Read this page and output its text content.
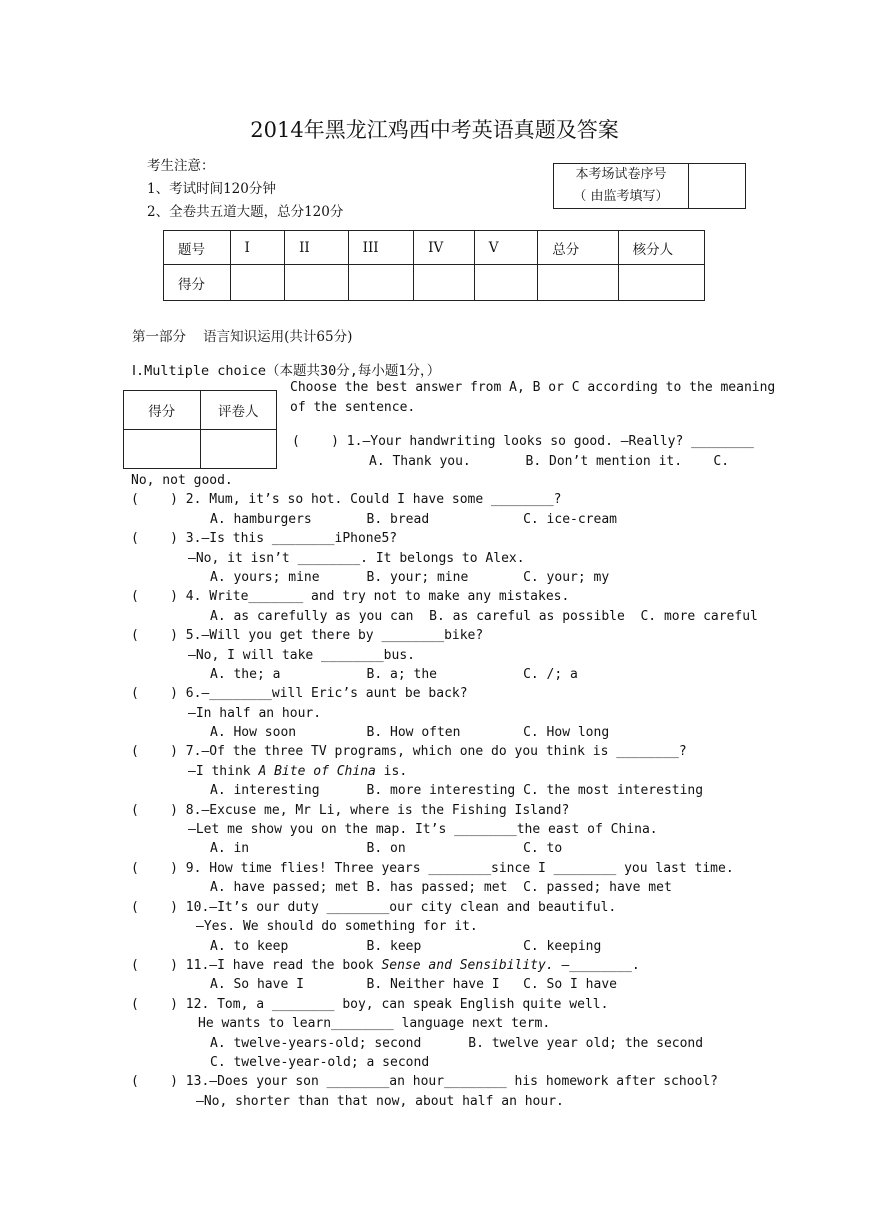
2014年黑龙江鸡西中考英语真题及答案
考生注意：
1、考试时间120分钟
2、全卷共五道大题，总分120分
本考场试卷序号
（ 由监考填写）

题号	I	II	III	IV	V	总分	核分人
得分							
第一部分    语言知识运用(共计65分)
Ⅰ.Multiple choice（本题共30分,每小题1分，）
得分	评卷人

Choose the best answer from A, B or C according to the meaning
of the sentence.
(    ) 1.—Your handwriting looks so good. —Really? ________
A. Thank you.       B. Don’t mention it.    C.
No, not good.
(    ) 2. Mum, it’s so hot. Could I have some ________?
A. hamburgers       B. bread            C. ice-cream
(    ) 3.—Is this ________iPhone5?
—No, it isn’t ________. It belongs to Alex.
A. yours; mine      B. your; mine       C. your; my
(    ) 4. Write_______ and try not to make any mistakes.
A. as carefully as you can  B. as careful as possible  C. more careful
(    ) 5.—Will you get there by ________bike?
—No, I will take ________bus.
A. the; a           B. a; the           C. /; a
(    ) 6.—________will Eric’s aunt be back?
—In half an hour.
A. How soon         B. How often        C. How long
(    ) 7.—Of the three TV programs, which one do you think is ________?
—I think A Bite of China is.
A. interesting      B. more interesting C. the most interesting
(    ) 8.—Excuse me, Mr Li, where is the Fishing Island?
—Let me show you on the map. It’s ________the east of China.
A. in               B. on               C. to
(    ) 9. How time flies! Three years ________since I ________ you last time.
A. have passed; met B. has passed; met  C. passed; have met
(    ) 10.—It’s our duty ________our city clean and beautiful.
—Yes. We should do something for it.
A. to keep          B. keep             C. keeping
(    ) 11.—I have read the book Sense and Sensibility. —________.
A. So have I        B. Neither have I   C. So I have
(    ) 12. Tom, a ________ boy, can speak English quite well.
He wants to learn________ language next term.
A. twelve-years-old; second      B. twelve year old; the second
C. twelve-year-old; a second
(    ) 13.—Does your son ________an hour________ his homework after school?
—No, shorter than that now, about half an hour.
